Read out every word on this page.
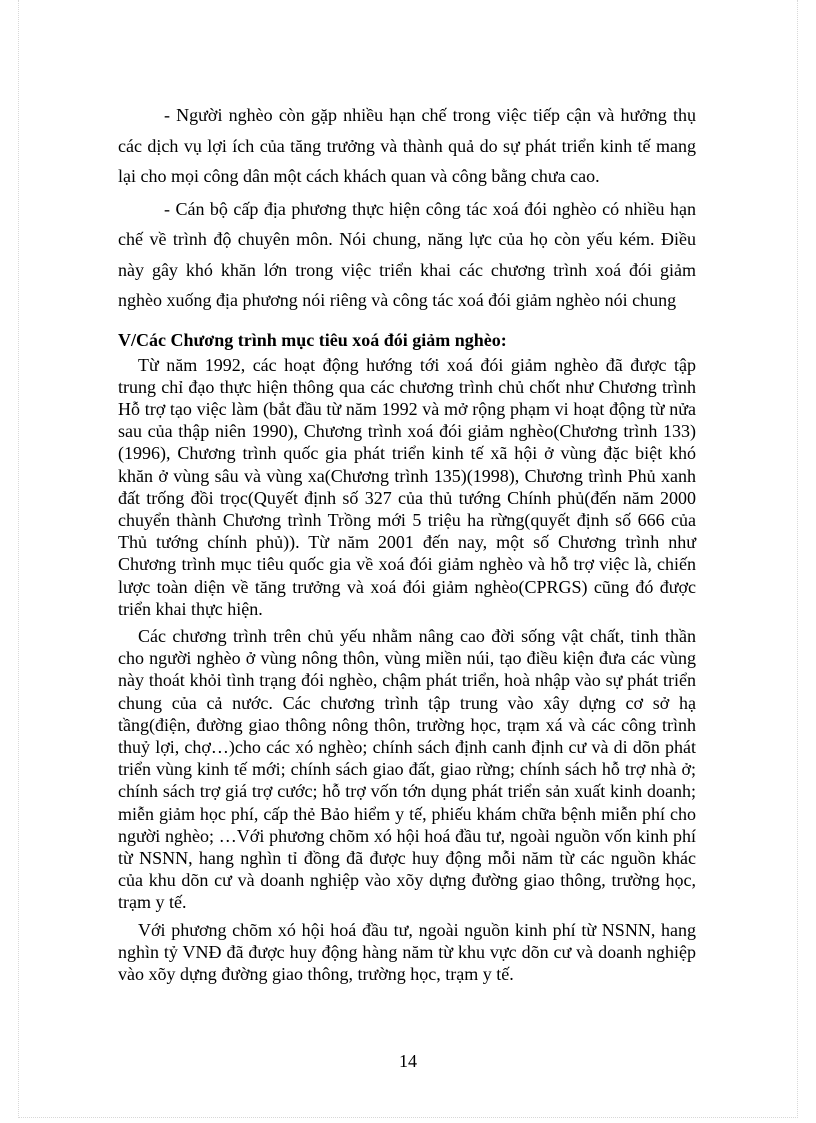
- Người nghèo còn gặp nhiều hạn chế trong việc tiếp cận và hưởng thụ các dịch vụ lợi ích của tăng trưởng và thành quả do sự phát triển kinh tế mang lại cho mọi công dân một cách khách quan và công bằng chưa cao.

- Cán bộ cấp địa phương thực hiện công tác xoá đói nghèo có nhiều hạn chế về trình độ chuyên môn. Nói chung, năng lực của họ còn yếu kém. Điều này gây khó khăn lớn trong việc triển khai các chương trình xoá đói giảm nghèo xuống địa phương nói riêng và công tác xoá đói giảm nghèo nói chung

V/Các Chương trình mục tiêu xoá đói giảm nghèo:

Từ năm 1992, các hoạt động hướng tới xoá đói giảm nghèo đã được tập trung chỉ đạo thực hiện thông qua các chương trình chủ chốt như Chương trình Hỗ trợ tạo việc làm (bắt đầu từ năm 1992 và mở rộng phạm vi hoạt động từ nửa sau của thập niên 1990), Chương trình xoá đói giảm nghèo(Chương trình 133)(1996), Chương trình quốc gia phát triển kinh tế xã hội ở vùng đặc biệt khó khăn ở vùng sâu và vùng xa(Chương trình 135)(1998), Chương trình Phủ xanh đất trống đồi trọc(Quyết định số 327 của thủ tướng Chính phủ(đến năm 2000 chuyển thành Chương trình Trồng mới 5 triệu ha rừng(quyết định số 666 của Thủ tướng chính phủ)). Từ năm 2001 đến nay, một số Chương trình như Chương trình mục tiêu quốc gia về xoá đói giảm nghèo và hỗ trợ việc là, chiến lược toàn diện về tăng trưởng và xoá đói giảm nghèo(CPRGS) cũng đó được triển khai thực hiện.

Các chương trình trên chủ yếu nhằm nâng cao đời sống vật chất, tinh thần cho người nghèo ở vùng nông thôn, vùng miền núi, tạo điều kiện đưa các vùng này thoát khỏi tình trạng đói nghèo, chậm phát triển, hoà nhập vào sự phát triển chung của cả nước. Các chương trình tập trung vào xây dựng cơ sở hạ tầng(điện, đường giao thông nông thôn, trường học, trạm xá và các công trình thuỷ lợi, chợ…)cho các xó nghèo; chính sách định canh định cư và di dõn phát triển vùng kinh tế mới; chính sách giao đất, giao rừng; chính sách hỗ trợ nhà ở; chính sách trợ giá trợ cước; hỗ trợ vốn tớn dụng phát triển sản xuất kinh doanh; miễn giảm học phí, cấp thẻ Bảo hiểm y tế, phiếu khám chữa bệnh miễn phí cho người nghèo; …Với phương chõm xó hội hoá đầu tư, ngoài nguồn vốn kinh phí từ NSNN, hang nghìn tỉ đồng đã được huy động mỗi năm từ các nguồn khác của khu dõn cư và doanh nghiệp vào xõy dựng đường giao thông, trường học, trạm y tế.

Với phương chõm xó hội hoá đầu tư, ngoài nguồn kinh phí từ NSNN, hang nghìn tỷ VNĐ đã được huy động hàng năm từ khu vực dõn cư và doanh nghiệp vào xõy dựng đường giao thông, trường học, trạm y tế.

14
